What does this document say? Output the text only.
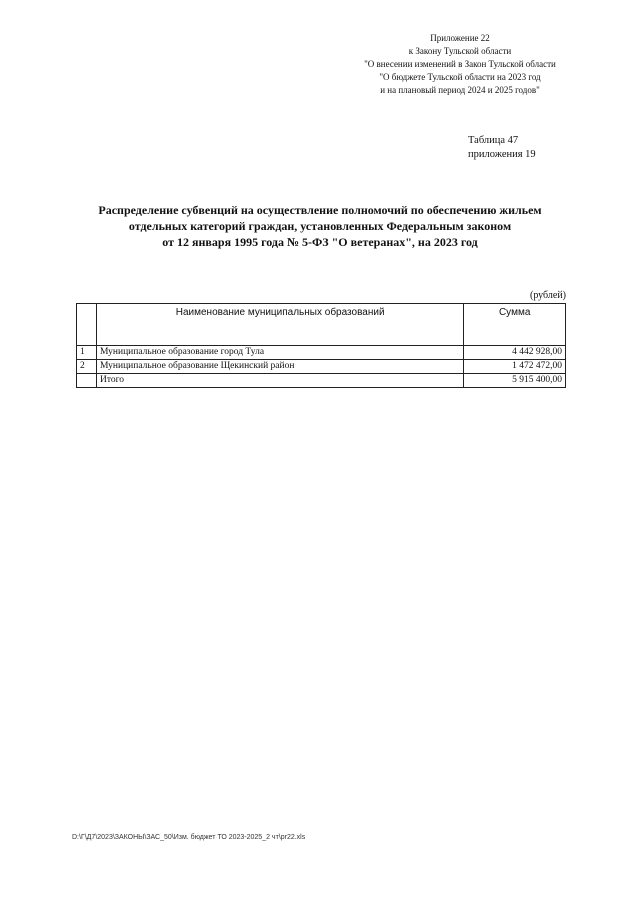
Приложение 22
к Закону Тульской области
"О внесении изменений в Закон Тульской области
"О бюджете Тульской области на 2023 год
и на плановый период 2024 и 2025 годов"
Таблица 47
приложения 19
Распределение субвенций на осуществление полномочий по обеспечению жильем
отдельных категорий граждан, установленных Федеральным законом
от 12 января 1995 года № 5-ФЗ "О ветеранах", на 2023 год
(рублей)
	Наименование муниципальных образований	Сумма
1	Муниципальное образование город Тула	4 442 928,00
2	Муниципальное образование Щекинский район	1 472 472,00
	Итого	5 915 400,00
D:\Г\Д7\2023\ЗАКОНЫ\ЗАС_50\Изм. бюджет ТО 2023-2025_2 чт\pr22.xls
